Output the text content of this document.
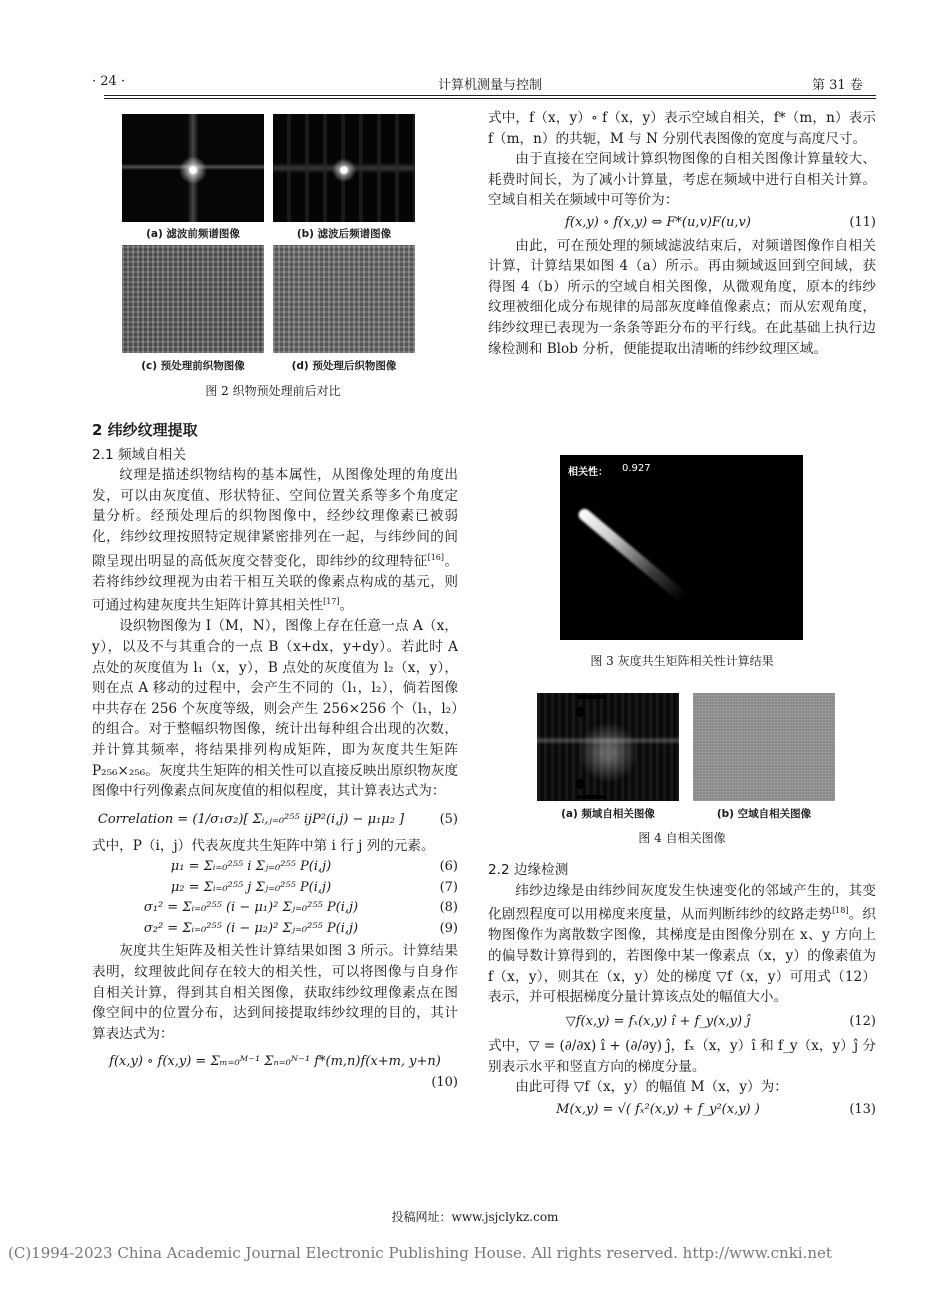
· 24 ·	计算机测量与控制	第 31 卷
(a) 滤波前频谱图像	(b) 滤波后频谱图像
(c) 预处理前织物图像	(d) 预处理后织物图像
图 2 织物预处理前后对比
2 纬纱纹理提取
2.1 频域自相关

纹理是描述织物结构的基本属性，从图像处理的角度出发，可以由灰度值、形状特征、空间位置关系等多个角度定量分析。经预处理后的织物图像中，经纱纹理像素已被弱化，纬纱纹理按照特定规律紧密排列在一起，与纬纱间的间隙呈现出明显的高低灰度交替变化，即纬纱的纹理特征[16]。若将纬纱纹理视为由若干相互关联的像素点构成的基元，则可通过构建灰度共生矩阵计算其相关性[17]。

设织物图像为 I（M，N），图像上存在任意一点 A（x，y），以及不与其重合的一点 B（x+dx，y+dy）。若此时 A 点处的灰度值为 l₁（x，y），B 点处的灰度值为 l₂（x，y），则在点 A 移动的过程中，会产生不同的（l₁，l₂），倘若图像中共存在 256 个灰度等级，则会产生 256×256 个（l₁，l₂）的组合。对于整幅织物图像，统计出每种组合出现的次数，并计算其频率，将结果排列构成矩阵，即为灰度共生矩阵 P₂₅₆×₂₅₆。灰度共生矩阵的相关性可以直接反映出原织物灰度图像中行列像素点间灰度值的相似程度，其计算表达式为：

Correlation = (1/σ₁σ₂)[ Σᵢ,ⱼ₌₀²⁵⁵ ijP²(i,j) − μ₁μ₂ ]	(5)

式中，P（i，j）代表灰度共生矩阵中第 i 行 j 列的元素。

μ₁ = Σᵢ₌₀²⁵⁵ i Σⱼ₌₀²⁵⁵ P(i,j)	(6)
μ₂ = Σᵢ₌₀²⁵⁵ j Σⱼ₌₀²⁵⁵ P(i,j)	(7)
σ₁² = Σᵢ₌₀²⁵⁵ (i − μ₁)² Σⱼ₌₀²⁵⁵ P(i,j)	(8)
σ₂² = Σᵢ₌₀²⁵⁵ (i − μ₂)² Σⱼ₌₀²⁵⁵ P(i,j)	(9)

灰度共生矩阵及相关性计算结果如图 3 所示。计算结果表明，纹理彼此间存在较大的相关性，可以将图像与自身作自相关计算，得到其自相关图像，获取纬纱纹理像素点在图像空间中的位置分布，达到间接提取纬纱纹理的目的，其计算表达式为：

f(x,y) ∘ f(x,y) = Σₘ₌₀ᴹ⁻¹ Σₙ₌₀ᴺ⁻¹ f*(m,n)f(x+m, y+n)
(10)

式中，f（x，y）∘ f（x，y）表示空域自相关，f*（m，n）表示 f（m，n）的共轭，M 与 N 分别代表图像的宽度与高度尺寸。

由于直接在空间域计算织物图像的自相关图像计算量较大、耗费时间长，为了减小计算量，考虑在频域中进行自相关计算。空域自相关在频域中可等价为：

f(x,y) ∘ f(x,y) ⇔ F*(u,v)F(u,v)	(11)

由此，可在预处理的频域滤波结束后，对频谱图像作自相关计算，计算结果如图 4（a）所示。再由频域返回到空间域，获得图 4（b）所示的空域自相关图像，从微观角度，原本的纬纱纹理被细化成分布规律的局部灰度峰值像素点；而从宏观角度，纬纱纹理已表现为一条条等距分布的平行线。在此基础上执行边缘检测和 Blob 分析，便能提取出清晰的纬纱纹理区域。

相关性： 0.927
图 3 灰度共生矩阵相关性计算结果
(a) 频域自相关图像	(b) 空域自相关图像
图 4 自相关图像
2.2 边缘检测

纬纱边缘是由纬纱间灰度发生快速变化的邻域产生的，其变化剧烈程度可以用梯度来度量，从而判断纬纱的纹路走势[18]。织物图像作为离散数字图像，其梯度是由图像分别在 x、y 方向上的偏导数计算得到的，若图像中某一像素点（x，y）的像素值为 f（x，y），则其在（x，y）处的梯度 ▽f（x，y）可用式（12）表示，并可根据梯度分量计算该点处的幅值大小。

▽f(x,y) = fₓ(x,y) î + f_y(x,y) ĵ	(12)

式中，▽ = (∂/∂x) î + (∂/∂y) ĵ，fₓ（x，y）î 和 f_y（x，y）ĵ 分别表示水平和竖直方向的梯度分量。

由此可得 ▽f（x，y）的幅值 M（x，y）为：

M(x,y) = √( fₓ²(x,y) + f_y²(x,y) )	(13)
投稿网址：www.jsjclykz.com
(C)1994-2023 China Academic Journal Electronic Publishing House. All rights reserved. http://www.cnki.net
